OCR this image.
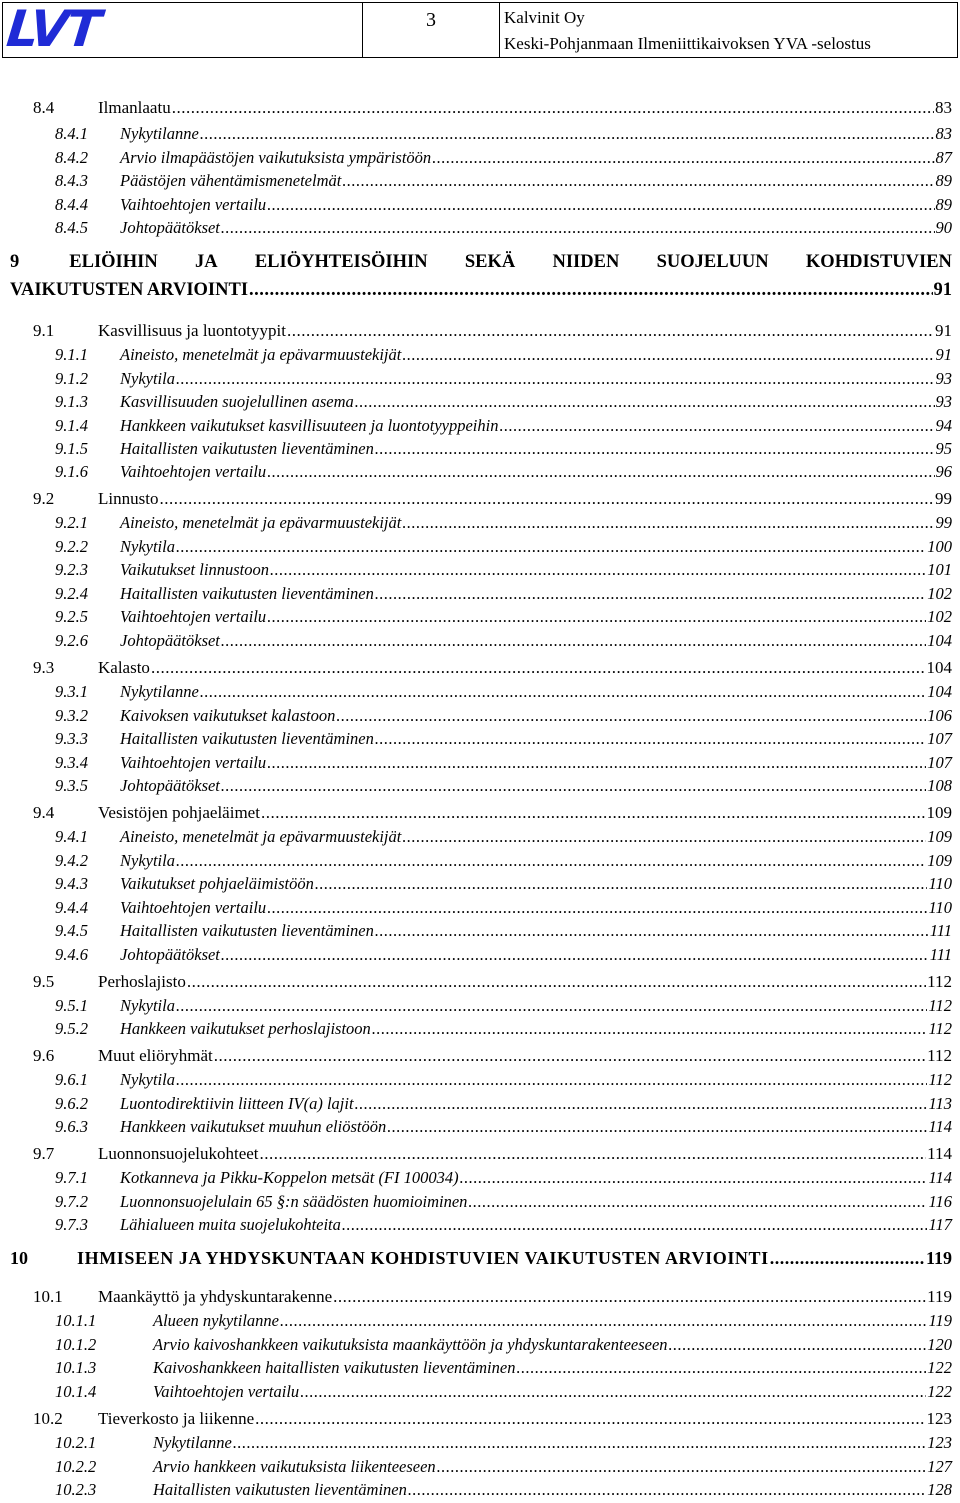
LVT	3	Kalvinit Oy
Keski-Pohjanmaan Ilmeniittikaivoksen YVA -selostus
8.4	Ilmanlaatu .....	83
8.4.1	Nykytilanne .....	83
8.4.2	Arvio ilmapäästöjen vaikutuksista ympäristöön .....	87
8.4.3	Päästöjen vähentämismenetelmät .....	89
8.4.4	Vaihtoehtojen vertailu .....	89
8.4.5	Johtopäätökset .....	90
9	ELIÖIHIN JA ELIÖYHTEISÖIHIN SEKÄ NIIDEN SUOJELUUN KOHDISTUVIEN
VAIKUTUSTEN ARVIOINTI .....	91
9.1	Kasvillisuus ja luontotyypit .....	91
9.1.1	Aineisto, menetelmät ja epävarmuustekijät .....	91
9.1.2	Nykytila .....	93
9.1.3	Kasvillisuuden suojelullinen asema .....	93
9.1.4	Hankkeen vaikutukset kasvillisuuteen ja luontotyyppeihin .....	94
9.1.5	Haitallisten vaikutusten lieventäminen .....	95
9.1.6	Vaihtoehtojen vertailu .....	96
9.2	Linnusto .....	99
9.2.1	Aineisto, menetelmät ja epävarmuustekijät .....	99
9.2.2	Nykytila .....	100
9.2.3	Vaikutukset linnustoon .....	101
9.2.4	Haitallisten vaikutusten lieventäminen .....	102
9.2.5	Vaihtoehtojen vertailu .....	102
9.2.6	Johtopäätökset .....	104
9.3	Kalasto .....	104
9.3.1	Nykytilanne .....	104
9.3.2	Kaivoksen vaikutukset kalastoon .....	106
9.3.3	Haitallisten vaikutusten lieventäminen .....	107
9.3.4	Vaihtoehtojen vertailu .....	107
9.3.5	Johtopäätökset .....	108
9.4	Vesistöjen pohjaeläimet .....	109
9.4.1	Aineisto, menetelmät ja epävarmuustekijät .....	109
9.4.2	Nykytila .....	109
9.4.3	Vaikutukset pohjaeläimistöön .....	110
9.4.4	Vaihtoehtojen vertailu .....	110
9.4.5	Haitallisten vaikutusten lieventäminen .....	111
9.4.6	Johtopäätökset .....	111
9.5	Perhoslajisto .....	112
9.5.1	Nykytila .....	112
9.5.2	Hankkeen vaikutukset perhoslajistoon .....	112
9.6	Muut eliöryhmät .....	112
9.6.1	Nykytila .....	112
9.6.2	Luontodirektiivin liitteen IV(a) lajit .....	113
9.6.3	Hankkeen vaikutukset muuhun eliöstöön .....	114
9.7	Luonnonsuojelukohteet .....	114
9.7.1	Kotkanneva ja Pikku-Koppelon metsät (FI 100034) .....	114
9.7.2	Luonnonsuojelulain 65 §:n säädösten huomioiminen .....	116
9.7.3	Lähialueen muita suojelukohteita .....	117
10	IHMISEEN JA YHDYSKUNTAAN KOHDISTUVIEN VAIKUTUSTEN ARVIOINTI .....	119
10.1	Maankäyttö ja yhdyskuntarakenne .....	119
10.1.1	Alueen nykytilanne .....	119
10.1.2	Arvio kaivoshankkeen vaikutuksista maankäyttöön ja yhdyskuntarakenteeseen .....	120
10.1.3	Kaivoshankkeen haitallisten vaikutusten lieventäminen .....	122
10.1.4	Vaihtoehtojen vertailu .....	122
10.2	Tieverkosto ja liikenne .....	123
10.2.1	Nykytilanne .....	123
10.2.2	Arvio hankkeen vaikutuksista liikenteeseen .....	127
10.2.3	Haitallisten vaikutusten lieventäminen .....	128
